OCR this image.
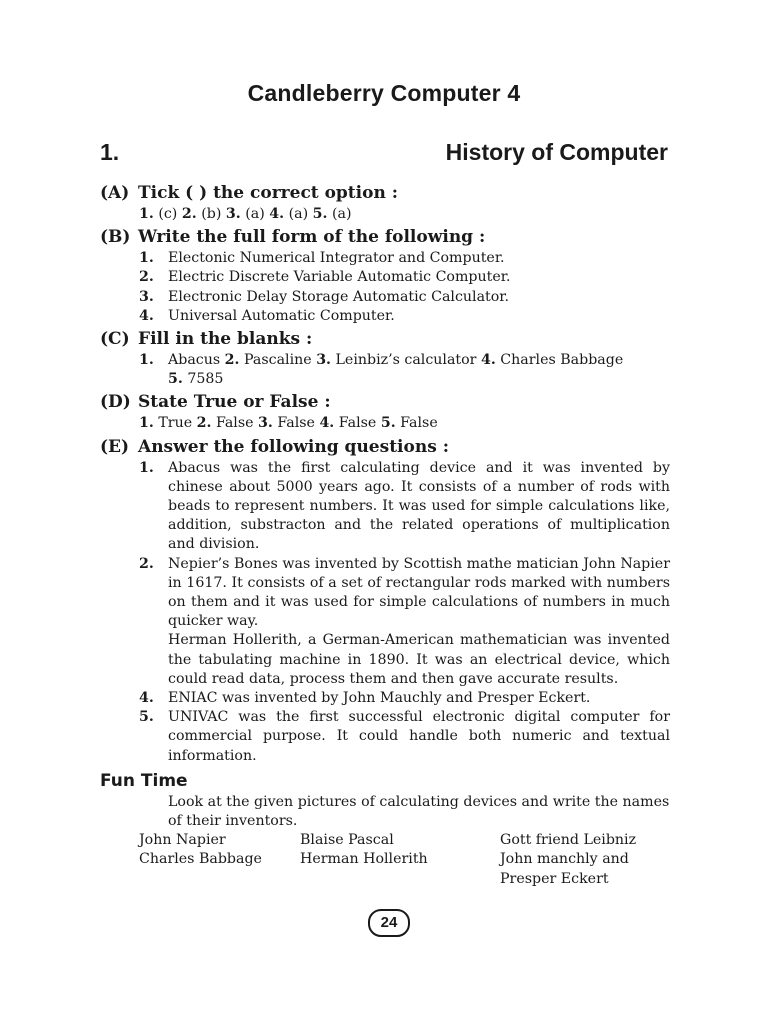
Candleberry Computer 4
1.	History of Computer
(A) Tick ( ) the correct option :
1. (c) 2. (b) 3. (a) 4. (a) 5. (a)
(B) Write the full form of the following :
1. Electonic Numerical Integrator and Computer.
2. Electric Discrete Variable Automatic Computer.
3. Electronic Delay Storage Automatic Calculator.
4. Universal Automatic Computer.
(C) Fill in the blanks :
1. Abacus 2. Pascaline 3. Leinbiz’s calculator 4. Charles Babbage
5. 7585
(D) State True or False :
1. True 2. False 3. False 4. False 5. False
(E) Answer the following questions :
1. Abacus was the first calculating device and it was invented by chinese about 5000 years ago. It consists of a number of rods with beads to represent numbers. It was used for simple calculations like, addition, substracton and the related operations of multiplication and division.
2. Nepier’s Bones was invented by Scottish mathe matician John Napier in 1617. It consists of a set of rectangular rods marked with numbers on them and it was used for simple calculations of numbers in much quicker way.
Herman Hollerith, a German-American mathematician was invented the tabulating machine in 1890. It was an electrical device, which could read data, process them and then gave accurate results.
4. ENIAC was invented by John Mauchly and Presper Eckert.
5. UNIVAC was the first successful electronic digital computer for commercial purpose. It could handle both numeric and textual information.
Fun Time
Look at the given pictures of calculating devices and write the names of their inventors.
John Napier	Blaise Pascal	Gott friend Leibniz
Charles Babbage	Herman Hollerith	John manchly and
Presper Eckert
24
